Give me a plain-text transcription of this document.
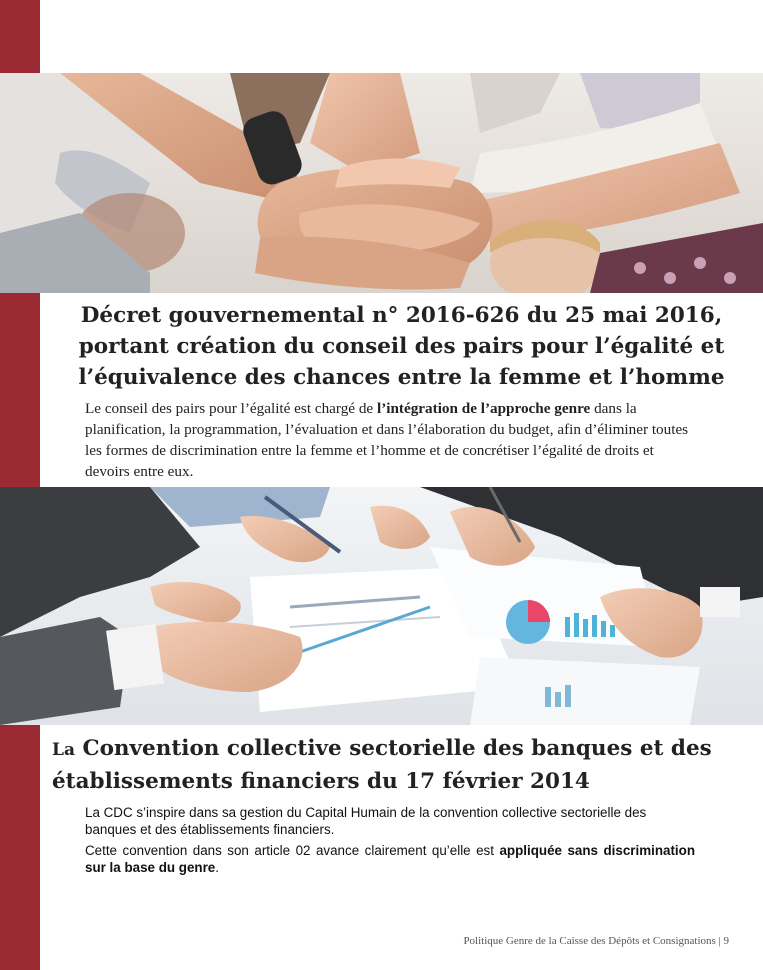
Décret gouvernemental n° 2016-626 du 25 mai 2016, portant création du conseil des pairs pour l’égalité et l’équivalence des chances entre la femme et l’homme

Le conseil des pairs pour l’égalité est chargé de l’intégration de l’approche genre dans la planification, la programmation, l’évaluation et dans l’élaboration du budget, afin d’éliminer toutes les formes de discrimination entre la femme et l’homme et de concrétiser l’égalité de droits et devoirs entre eux.

La Convention collective sectorielle des banques et des établissements financiers du 17 février 2014

La CDC s’inspire dans sa gestion du Capital Humain de la convention collective sectorielle des banques et des établissements financiers.

Cette convention dans son article 02 avance clairement qu’elle est appliquée sans discrimination sur la base du genre.

Politique Genre de la Caisse des Dépôts et Consignations | 9
